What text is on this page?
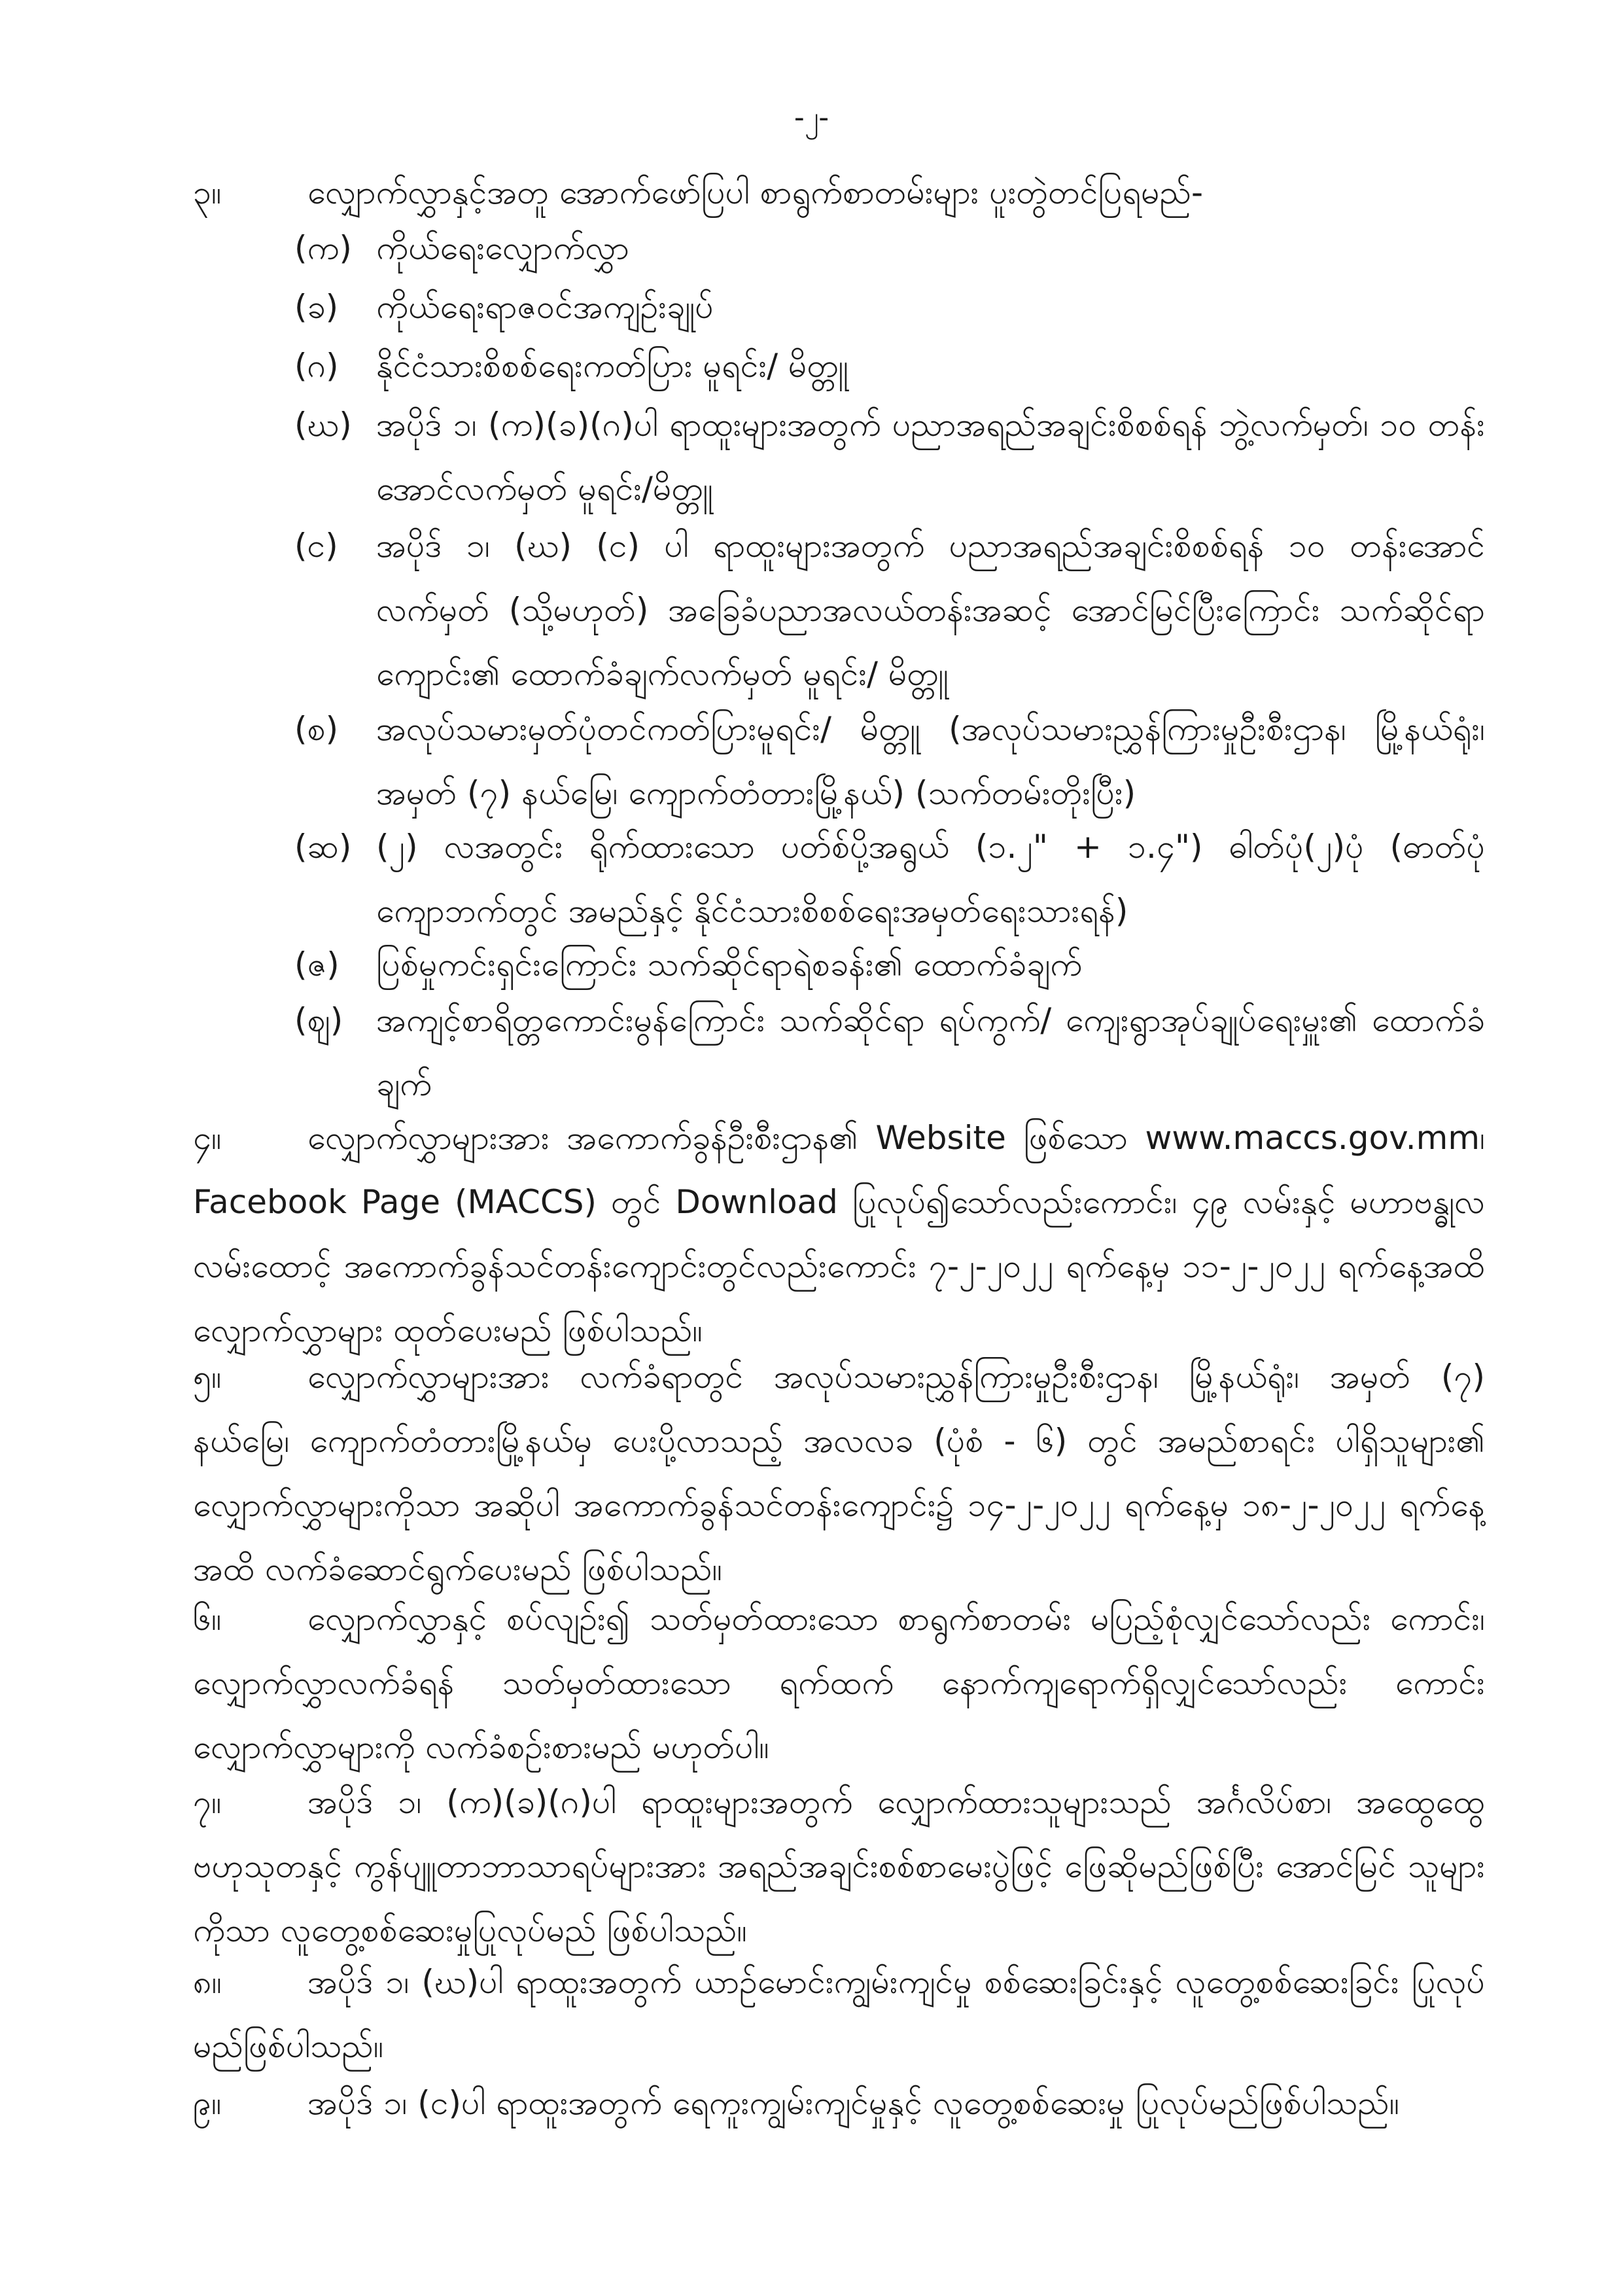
-၂-
၃။	လျှောက်လွှာနှင့်အတူ အောက်ဖော်ပြပါ စာရွက်စာတမ်းများ ပူးတွဲတင်ပြရမည်-
(က) ကိုယ်ရေးလျှောက်လွှာ
(ခ) ကိုယ်ရေးရာဇဝင်အကျဉ်းချုပ်
(ဂ) နိုင်ငံသားစိစစ်ရေးကတ်ပြား မူရင်း/ မိတ္တူ
(ဃ) အပိုဒ် ၁၊ (က)(ခ)(ဂ)ပါ ရာထူးများအတွက် ပညာအရည်အချင်းစိစစ်ရန် ဘွဲ့လက်မှတ်၊ ၁၀ တန်းအောင်လက်မှတ် မူရင်း/မိတ္တူ
(င) အပိုဒ် ၁၊ (ဃ) (င) ပါ ရာထူးများအတွက် ပညာအရည်အချင်းစိစစ်ရန် ၁၀ တန်းအောင် လက်မှတ် (သို့မဟုတ်) အခြေခံပညာအလယ်တန်းအဆင့် အောင်မြင်ပြီးကြောင်း သက်ဆိုင်ရာကျောင်း၏ ထောက်ခံချက်လက်မှတ် မူရင်း/ မိတ္တူ
(စ) အလုပ်သမားမှတ်ပုံတင်ကတ်ပြားမူရင်း/ မိတ္တူ (အလုပ်သမားညွှန်ကြားမှုဦးစီးဌာန၊ မြို့နယ်ရုံး၊ အမှတ် (၇) နယ်မြေ၊ ကျောက်တံတားမြို့နယ်) (သက်တမ်းတိုးပြီး)
(ဆ) (၂) လအတွင်း ရိုက်ထားသော ပတ်စ်ပို့အရွယ် (၁.၂" + ၁.၄") ဓါတ်ပုံ(၂)ပုံ (ဓာတ်ပုံ ကျောဘက်တွင် အမည်နှင့် နိုင်ငံသားစိစစ်ရေးအမှတ်ရေးသားရန်)
(ဇ) ပြစ်မှုကင်းရှင်းကြောင်း သက်ဆိုင်ရာရဲစခန်း၏ ထောက်ခံချက်
(ဈ) အကျင့်စာရိတ္တကောင်းမွန်ကြောင်း သက်ဆိုင်ရာ ရပ်ကွက်/ ကျေးရွာအုပ်ချုပ်ရေးမှူး၏ ထောက်ခံချက်
၄။	လျှောက်လွှာများအား အကောက်ခွန်ဦးစီးဌာန၏ Website ဖြစ်သော www.maccs.gov.mm၊ Facebook Page (MACCS) တွင် Download ပြုလုပ်၍သော်လည်းကောင်း၊ ၄၉ လမ်းနှင့် မဟာဗန္ဓုလ လမ်းထောင့် အကောက်ခွန်သင်တန်းကျောင်းတွင်လည်းကောင်း ၇-၂-၂၀၂၂ ရက်နေ့မှ ၁၁-၂-၂၀၂၂ ရက်နေ့အထိ လျှောက်လွှာများ ထုတ်ပေးမည် ဖြစ်ပါသည်။
၅။	လျှောက်လွှာများအား လက်ခံရာတွင် အလုပ်သမားညွှန်ကြားမှုဦးစီးဌာန၊ မြို့နယ်ရုံး၊ အမှတ် (၇) နယ်မြေ၊ ကျောက်တံတားမြို့နယ်မှ ပေးပို့လာသည့် အလလခ (ပုံစံ - ၆) တွင် အမည်စာရင်း ပါရှိသူများ၏ လျှောက်လွှာများကိုသာ အဆိုပါ အကောက်ခွန်သင်တန်းကျောင်း၌ ၁၄-၂-၂၀၂၂ ရက်နေ့မှ ၁၈-၂-၂၀၂၂ ရက်နေ့အထိ လက်ခံဆောင်ရွက်ပေးမည် ဖြစ်ပါသည်။
၆။	လျှောက်လွှာနှင့် စပ်လျဉ်း၍ သတ်မှတ်ထားသော စာရွက်စာတမ်း မပြည့်စုံလျှင်သော်လည်း ကောင်း၊ လျှောက်လွှာလက်ခံရန် သတ်မှတ်ထားသော ရက်ထက် နောက်ကျရောက်ရှိလျှင်သော်လည်း ကောင်း လျှောက်လွှာများကို လက်ခံစဉ်းစားမည် မဟုတ်ပါ။
၇။	အပိုဒ် ၁၊ (က)(ခ)(ဂ)ပါ ရာထူးများအတွက် လျှောက်ထားသူများသည် အင်္ဂလိပ်စာ၊ အထွေထွေ ဗဟုသုတနှင့် ကွန်ပျူတာဘာသာရပ်များအား အရည်အချင်းစစ်စာမေးပွဲဖြင့် ဖြေဆိုမည်ဖြစ်ပြီး အောင်မြင် သူများကိုသာ လူတွေ့စစ်ဆေးမှုပြုလုပ်မည် ဖြစ်ပါသည်။
၈။	အပိုဒ် ၁၊ (ဃ)ပါ ရာထူးအတွက် ယာဉ်မောင်းကျွမ်းကျင်မှု စစ်ဆေးခြင်းနှင့် လူတွေ့စစ်ဆေးခြင်း ပြုလုပ်မည်ဖြစ်ပါသည်။
၉။	အပိုဒ် ၁၊ (င)ပါ ရာထူးအတွက် ရေကူးကျွမ်းကျင်မှုနှင့် လူတွေ့စစ်ဆေးမှု ပြုလုပ်မည်ဖြစ်ပါသည်။
